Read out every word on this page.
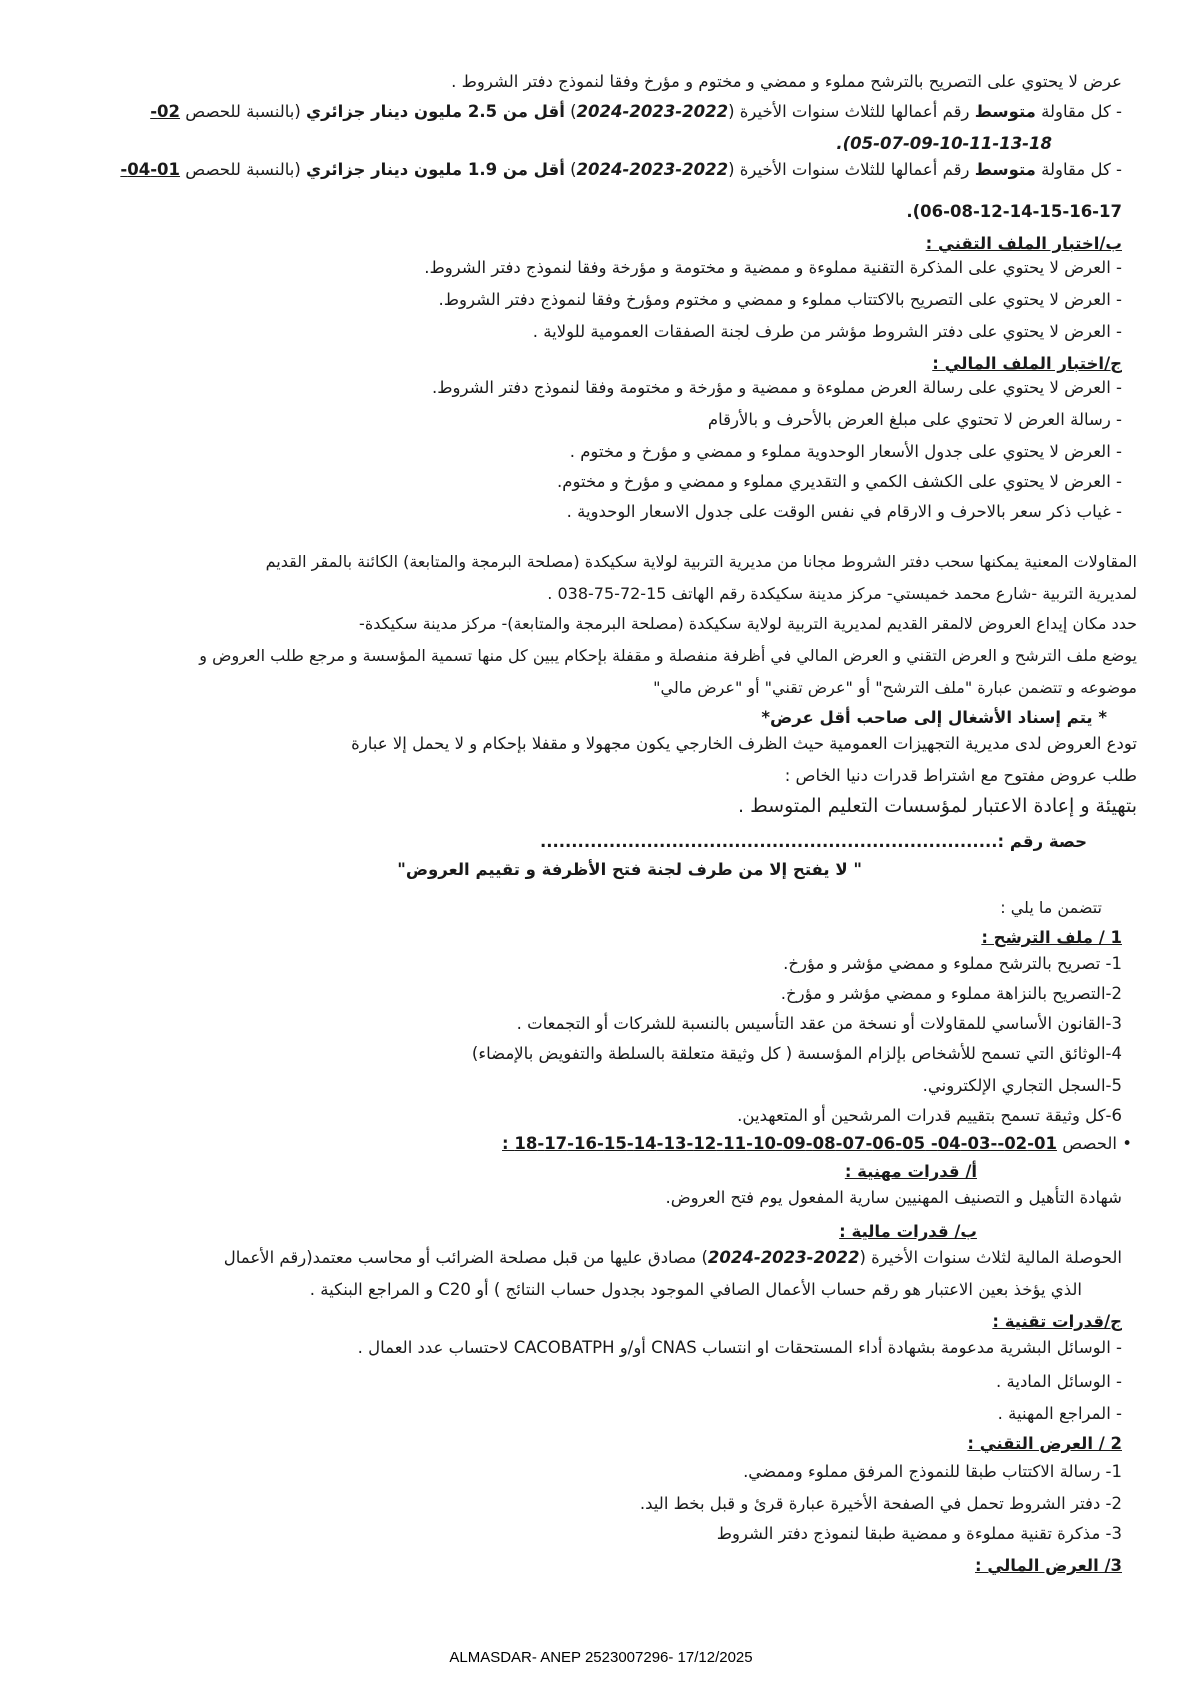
عرض لا يحتوي على التصريح بالترشح مملوء و ممضي و مختوم و مؤرخ وفقا لنموذج دفتر الشروط .
- كل مقاولة متوسط رقم أعمالها للثلاث سنوات الأخيرة (2022-2023-2024) أقل من 2.5 مليون دينار جزائري (بالنسبة للحصص 02-
05-07-09-10-11-13-18).
- كل مقاولة متوسط رقم أعمالها للثلاث سنوات الأخيرة (2022-2023-2024) أقل من 1.9 مليون دينار جزائري (بالنسبة للحصص 01-04-
06-08-12-14-15-16-17).
ب/اختبار الملف التقني :
- العرض لا يحتوي على المذكرة التقنية مملوءة و ممضية و مختومة و مؤرخة وفقا لنموذج دفتر الشروط.
- العرض لا يحتوي على التصريح بالاكتتاب مملوء و ممضي و مختوم ومؤرخ وفقا لنموذج دفتر الشروط.
- العرض لا يحتوي على دفتر الشروط مؤشر من طرف لجنة الصفقات العمومية للولاية .
ج/اختبار الملف المالي :
- العرض لا يحتوي على رسالة العرض مملوءة و ممضية و مؤرخة و مختومة وفقا لنموذج دفتر الشروط.
- رسالة العرض لا تحتوي على مبلغ العرض بالأحرف و بالأرقام
- العرض لا يحتوي على جدول الأسعار الوحدوية مملوء و ممضي و مؤرخ و مختوم .
- العرض لا يحتوي على الكشف الكمي و التقديري مملوء و ممضي و مؤرخ و مختوم.
- غياب ذكر سعر بالاحرف و الارقام في نفس الوقت على جدول الاسعار الوحدوية .
المقاولات المعنية يمكنها سحب دفتر الشروط مجانا من مديرية التربية لولاية سكيكدة (مصلحة البرمجة والمتابعة) الكائنة بالمقر القديم
لمديرية التربية -شارع محمد خميستي- مركز مدينة سكيكدة رقم الهاتف 15-72-75-038 .
حدد مكان إيداع العروض لالمقر القديم لمديرية التربية لولاية سكيكدة (مصلحة البرمجة والمتابعة)- مركز مدينة سكيكدة-
يوضع ملف الترشح و العرض التقني و العرض المالي في أظرفة منفصلة و مقفلة بإحكام يبين كل منها تسمية المؤسسة و مرجع طلب العروض و
موضوعه و تتضمن عبارة "ملف الترشح" أو "عرض تقني" أو "عرض مالي"
* يتم إسناد الأشغال إلى صاحب أقل عرض*
تودع العروض لدى مديرية التجهيزات العمومية حيث الظرف الخارجي يكون مجهولا و مقفلا بإحكام و لا يحمل إلا عبارة
طلب عروض مفتوح مع اشتراط قدرات دنيا الخاص :
بتهيئة و إعادة الاعتبار لمؤسسات التعليم المتوسط .
حصة رقم :.........................................................................
" لا يفتح إلا من طرف لجنة فتح الأظرفة و تقييم العروض"
تتضمن ما يلي :
1 / ملف الترشح :
1- تصريح بالترشح مملوء و ممضي مؤشر و مؤرخ.
2-التصريح بالنزاهة مملوء و ممضي مؤشر و مؤرخ.
3-القانون الأساسي للمقاولات أو نسخة من عقد التأسيس بالنسبة للشركات أو التجمعات .
4-الوثائق التي تسمح للأشخاص بإلزام المؤسسة ( كل وثيقة متعلقة بالسلطة والتفويض بالإمضاء)
5-السجل التجاري الإلكتروني.
6-كل وثيقة تسمح بتقييم قدرات المرشحين أو المتعهدين.
• الحصص 01-02--03-04- 05-06-07-08-09-10-11-12-13-14-15-16-17-18 :
أ/ قدرات مهنية :
شهادة التأهيل و التصنيف المهنيين سارية المفعول يوم فتح العروض.
ب/ قدرات مالية :
الحوصلة المالية لثلاث سنوات الأخيرة (2022-2023-2024) مصادق عليها من قبل مصلحة الضرائب أو محاسب معتمد(رقم الأعمال
الذي يؤخذ بعين الاعتبار هو رقم حساب الأعمال الصافي الموجود بجدول حساب النتائج ) أو C20 و المراجع البنكية .
ج/قدرات تقنية :
- الوسائل البشرية مدعومة بشهادة أداء المستحقات او انتساب CNAS أو/و CACOBATPH لاحتساب عدد العمال .
- الوسائل المادية .
- المراجع المهنية .
2 / العرض التقني :
1- رسالة الاكتتاب طبقا للنموذج المرفق مملوء وممضي.
2- دفتر الشروط تحمل في الصفحة الأخيرة عبارة قرئ و قبل بخط اليد.
3- مذكرة تقنية مملوءة و ممضية طبقا لنموذج دفتر الشروط
3/ العرض المالي :
ALMASDAR- ANEP 2523007296- 17/12/2025
